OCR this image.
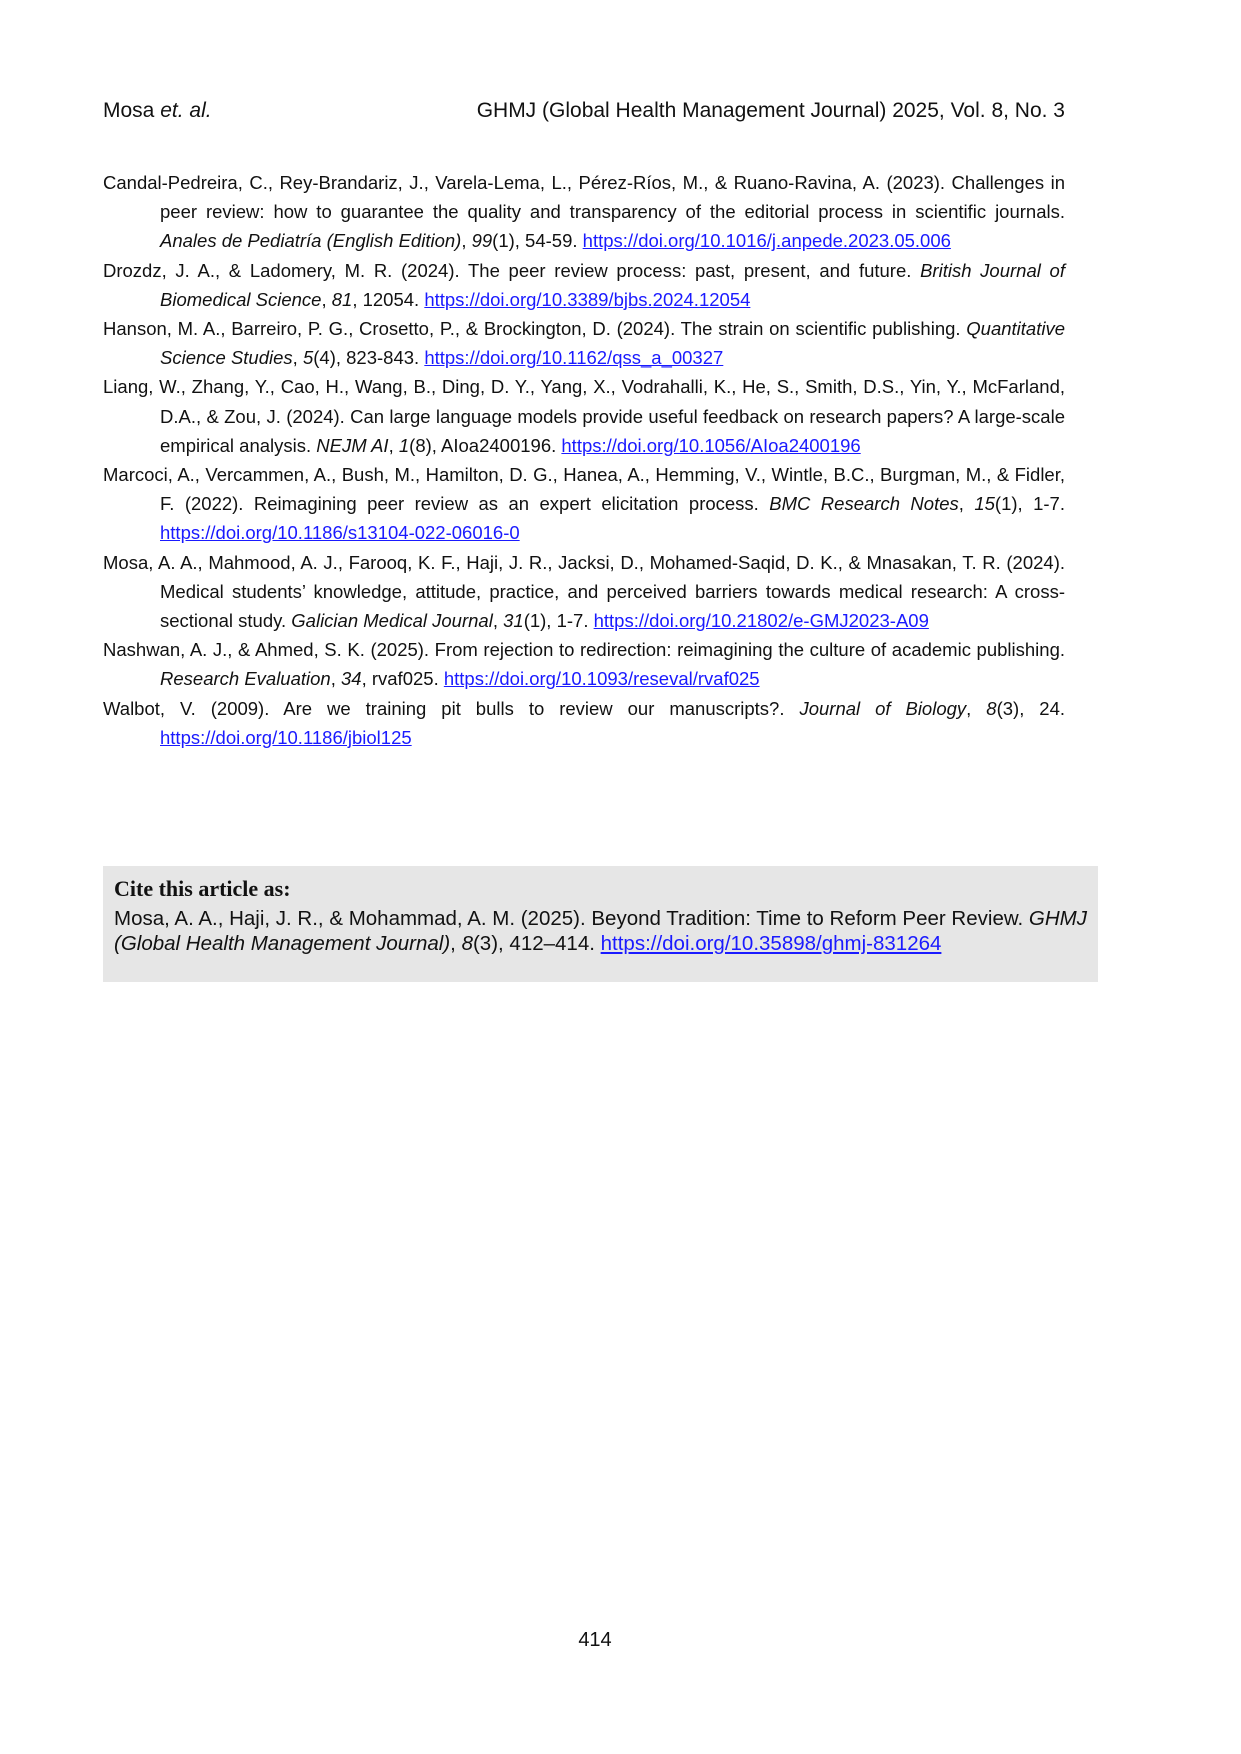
Mosa et. al.	GHMJ (Global Health Management Journal) 2025, Vol. 8, No. 3

Candal-Pedreira, C., Rey-Brandariz, J., Varela-Lema, L., Pérez-Ríos, M., & Ruano-Ravina, A. (2023). Challenges in peer review: how to guarantee the quality and transparency of the editorial process in scientific journals. Anales de Pediatría (English Edition), 99(1), 54-59. https://doi.org/10.1016/j.anpede.2023.05.006

Drozdz, J. A., & Ladomery, M. R. (2024). The peer review process: past, present, and future. British Journal of Biomedical Science, 81, 12054. https://doi.org/10.3389/bjbs.2024.12054

Hanson, M. A., Barreiro, P. G., Crosetto, P., & Brockington, D. (2024). The strain on scientific publishing. Quantitative Science Studies, 5(4), 823-843. https://doi.org/10.1162/qss_a_00327

Liang, W., Zhang, Y., Cao, H., Wang, B., Ding, D. Y., Yang, X., Vodrahalli, K., He, S., Smith, D.S., Yin, Y., McFarland, D.A., & Zou, J. (2024). Can large language models provide useful feedback on research papers? A large-scale empirical analysis. NEJM AI, 1(8), AIoa2400196. https://doi.org/10.1056/AIoa2400196

Marcoci, A., Vercammen, A., Bush, M., Hamilton, D. G., Hanea, A., Hemming, V., Wintle, B.C., Burgman, M., & Fidler, F. (2022). Reimagining peer review as an expert elicitation process. BMC Research Notes, 15(1), 1-7. https://doi.org/10.1186/s13104-022-06016-0

Mosa, A. A., Mahmood, A. J., Farooq, K. F., Haji, J. R., Jacksi, D., Mohamed-Saqid, D. K., & Mnasakan, T. R. (2024). Medical students’ knowledge, attitude, practice, and perceived barriers towards medical research: A cross-sectional study. Galician Medical Journal, 31(1), 1-7. https://doi.org/10.21802/e-GMJ2023-A09

Nashwan, A. J., & Ahmed, S. K. (2025). From rejection to redirection: reimagining the culture of academic publishing. Research Evaluation, 34, rvaf025. https://doi.org/10.1093/reseval/rvaf025

Walbot, V. (2009). Are we training pit bulls to review our manuscripts?. Journal of Biology, 8(3), 24. https://doi.org/10.1186/jbiol125

Cite this article as:

Mosa, A. A., Haji, J. R., & Mohammad, A. M. (2025). Beyond Tradition: Time to Reform Peer Review. GHMJ (Global Health Management Journal), 8(3), 412–414. https://doi.org/10.35898/ghmj-831264

414
